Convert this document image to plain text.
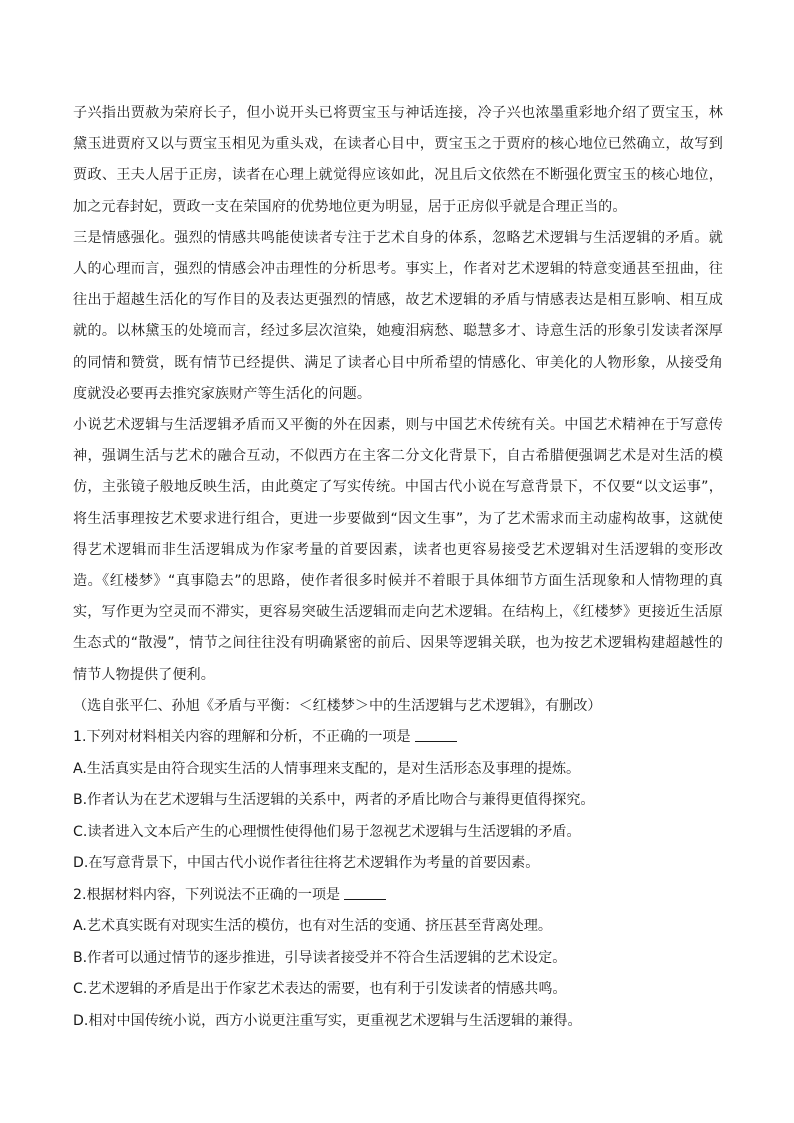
子兴指出贾赦为荣府长子，但小说开头已将贾宝玉与神话连接，冷子兴也浓墨重彩地介绍了贾宝玉，林黛玉进贾府又以与贾宝玉相见为重头戏，在读者心目中，贾宝玉之于贾府的核心地位已然确立，故写到贾政、王夫人居于正房，读者在心理上就觉得应该如此，况且后文依然在不断强化贾宝玉的核心地位，加之元春封妃，贾政一支在荣国府的优势地位更为明显，居于正房似乎就是合理正当的。

三是情感强化。强烈的情感共鸣能使读者专注于艺术自身的体系，忽略艺术逻辑与生活逻辑的矛盾。就人的心理而言，强烈的情感会冲击理性的分析思考。事实上，作者对艺术逻辑的特意变通甚至扭曲，往往出于超越生活化的写作目的及表达更强烈的情感，故艺术逻辑的矛盾与情感表达是相互影响、相互成就的。以林黛玉的处境而言，经过多层次渲染，她瘦泪病愁、聪慧多才、诗意生活的形象引发读者深厚的同情和赞赏，既有情节已经提供、满足了读者心目中所希望的情感化、审美化的人物形象，从接受角度就没必要再去推究家族财产等生活化的问题。

小说艺术逻辑与生活逻辑矛盾而又平衡的外在因素，则与中国艺术传统有关。中国艺术精神在于写意传神，强调生活与艺术的融合互动，不似西方在主客二分文化背景下，自古希腊便强调艺术是对生活的模仿，主张镜子般地反映生活，由此奠定了写实传统。中国古代小说在写意背景下，不仅要“以文运事”，将生活事理按艺术要求进行组合，更进一步要做到“因文生事”，为了艺术需求而主动虚构故事，这就使得艺术逻辑而非生活逻辑成为作家考量的首要因素，读者也更容易接受艺术逻辑对生活逻辑的变形改造。《红楼梦》“真事隐去”的思路，使作者很多时候并不着眼于具体细节方面生活现象和人情物理的真实，写作更为空灵而不滞实，更容易突破生活逻辑而走向艺术逻辑。在结构上，《红楼梦》更接近生活原生态式的“散漫”，情节之间往往没有明确紧密的前后、因果等逻辑关联，也为按艺术逻辑构建超越性的情节人物提供了便利。

（选自张平仁、孙旭《矛盾与平衡：＜红楼梦＞中的生活逻辑与艺术逻辑》，有删改）

1.下列对材料相关内容的理解和分析，不正确的一项是

A.生活真实是由符合现实生活的人情事理来支配的，是对生活形态及事理的提炼。

B.作者认为在艺术逻辑与生活逻辑的关系中，两者的矛盾比吻合与兼得更值得探究。

C.读者进入文本后产生的心理惯性使得他们易于忽视艺术逻辑与生活逻辑的矛盾。

D.在写意背景下，中国古代小说作者往往将艺术逻辑作为考量的首要因素。

2.根据材料内容，下列说法不正确的一项是

A.艺术真实既有对现实生活的模仿，也有对生活的变通、挤压甚至背离处理。

B.作者可以通过情节的逐步推进，引导读者接受并不符合生活逻辑的艺术设定。

C.艺术逻辑的矛盾是出于作家艺术表达的需要，也有利于引发读者的情感共鸣。

D.相对中国传统小说，西方小说更注重写实，更重视艺术逻辑与生活逻辑的兼得。
